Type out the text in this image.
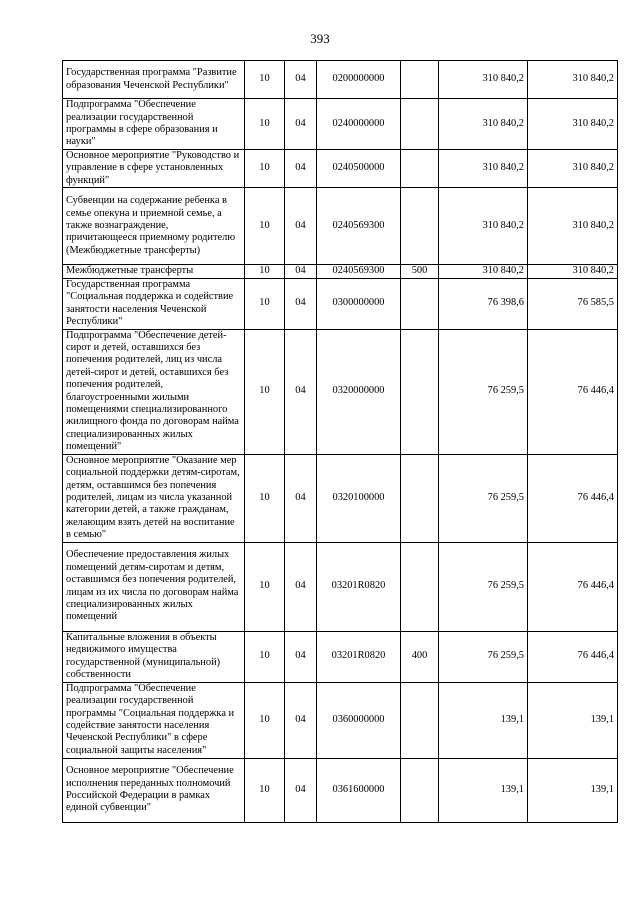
393
Государственная программа "Развитие образования Чеченской Республики"	10	04	0200000000		310 840,2	310 840,2
Подпрограмма "Обеспечение реализации государственной программы в сфере образования и науки"	10	04	0240000000		310 840,2	310 840,2
Основное мероприятие "Руководство и управление в сфере установленных функций"	10	04	0240500000		310 840,2	310 840,2
Субвенции на содержание ребенка в семье опекуна и приемной семье, а также вознаграждение, причитающееся приемному родителю (Межбюджетные трансферты)	10	04	0240569300		310 840,2	310 840,2
Межбюджетные трансферты	10	04	0240569300	500	310 840,2	310 840,2
Государственная программа "Социальная поддержка и содействие занятости населения Чеченской Республики"	10	04	0300000000		76 398,6	76 585,5
Подпрограмма "Обеспечение детей-сирот и детей, оставшихся без попечения родителей, лиц из числа детей-сирот и детей, оставшихся без попечения родителей, благоустроенными жилыми помещениями специализированного жилищного фонда по договорам найма специализированных жилых помещений"	10	04	0320000000		76 259,5	76 446,4
Основное мероприятие "Оказание мер социальной поддержки детям-сиротам, детям, оставшимся без попечения родителей, лицам из числа указанной категории детей, а также гражданам, желающим взять детей на воспитание в семью"	10	04	0320100000		76 259,5	76 446,4
Обеспечение предоставления жилых помещений детям-сиротам и детям, оставшимся без попечения родителей, лицам из их числа по договорам найма специализированных жилых помещений	10	04	03201R0820		76 259,5	76 446,4
Капитальные вложения в объекты недвижимого имущества государственной (муниципальной) собственности	10	04	03201R0820	400	76 259,5	76 446,4
Подпрограмма "Обеспечение реализации государственной программы "Социальная поддержка и содействие занятости населения Чеченской Республики" в сфере социальной защиты населения"	10	04	0360000000		139,1	139,1
Основное мероприятие "Обеспечение исполнения переданных полномочий Российской Федерации в рамках единой субвенции"	10	04	0361600000		139,1	139,1
